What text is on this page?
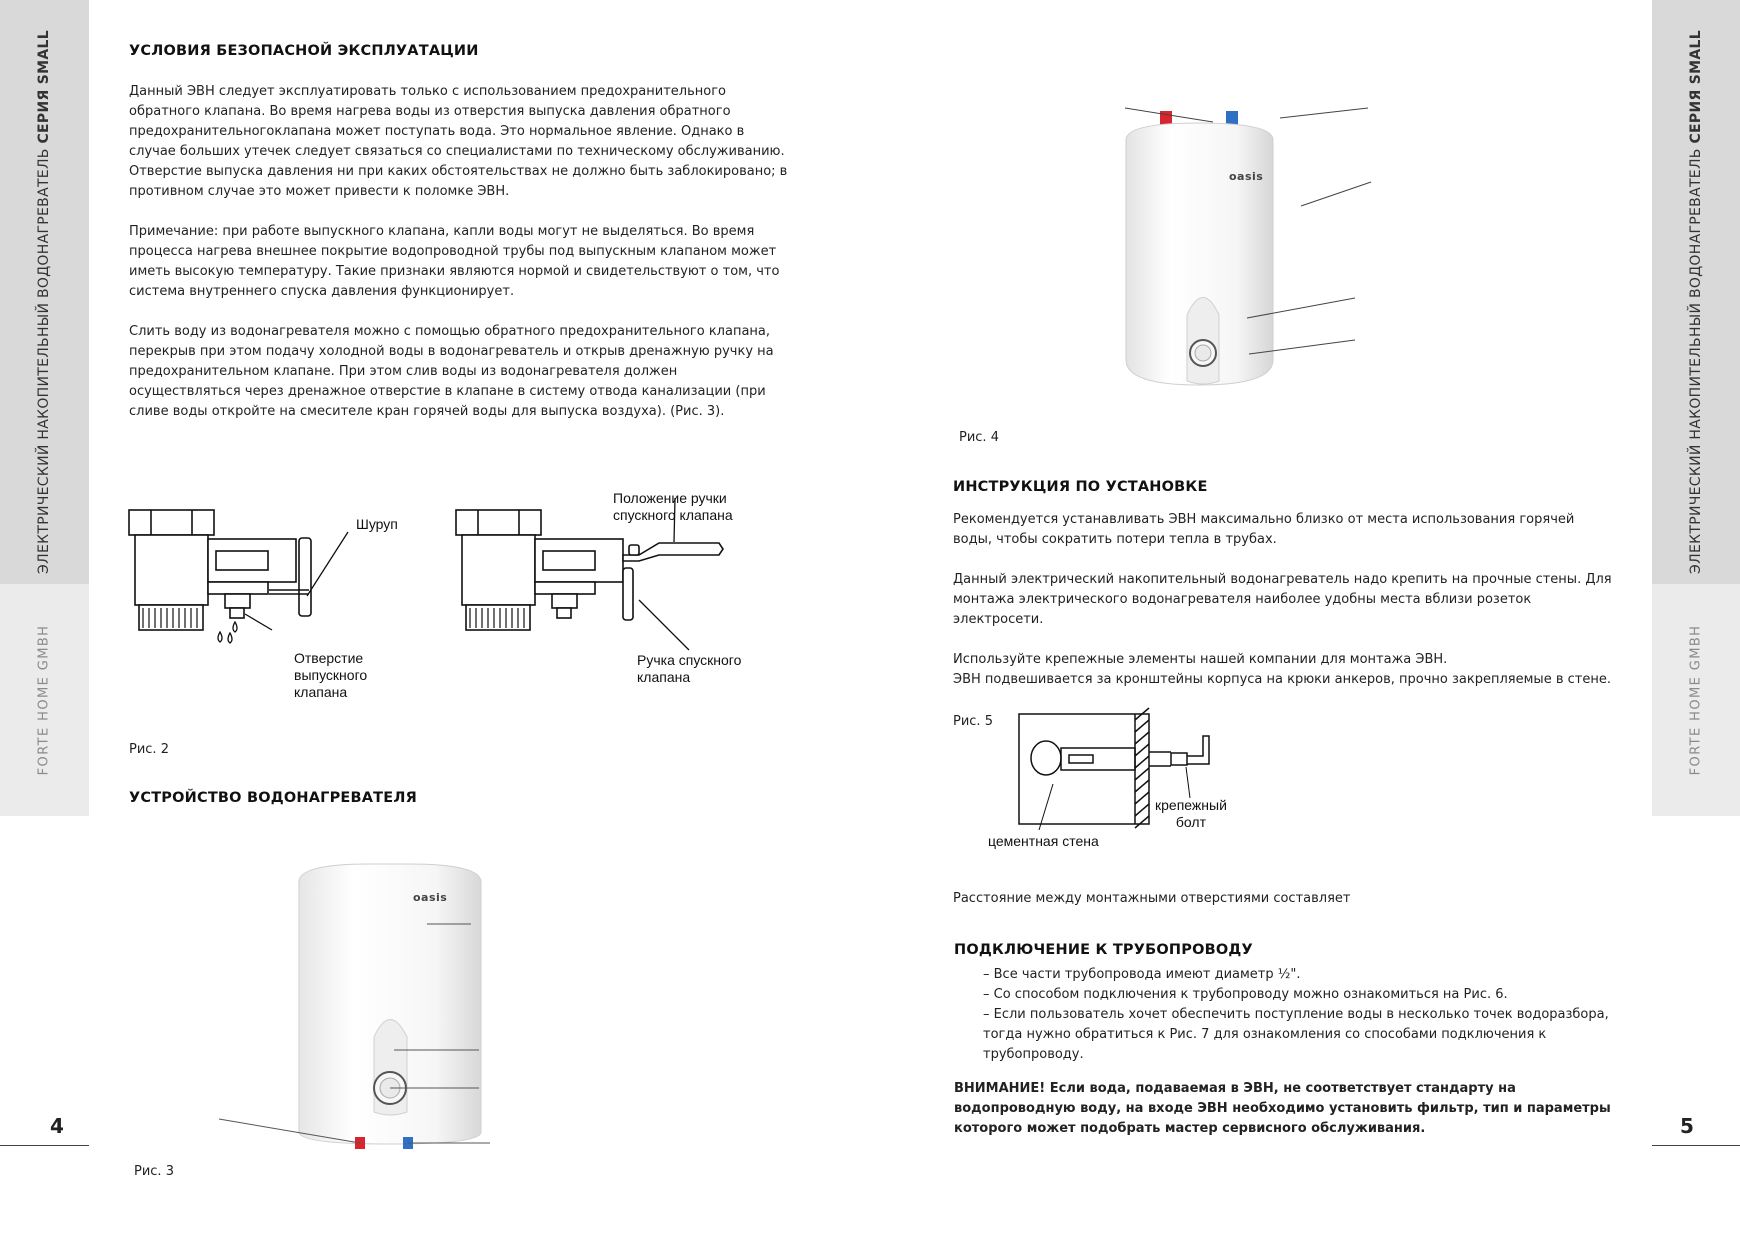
ЭЛЕКТРИЧЕСКИЙ НАКОПИТЕЛЬНЫЙ ВОДОНАГРЕВАТЕЛЬ СЕРИЯ SMALL
FORTE HOME GMBH
4
ЭЛЕКТРИЧЕСКИЙ НАКОПИТЕЛЬНЫЙ ВОДОНАГРЕВАТЕЛЬ СЕРИЯ SMALL
FORTE HOME GMBH
5
УСЛОВИЯ БЕЗОПАСНОЙ ЭКСПЛУАТАЦИИ
Данный ЭВН следует эксплуатировать только с использованием предохранительного обратного клапана. Во время нагрева воды из отверстия выпуска давления обратного предохранительногоклапана может поступать вода. Это нормальное явление. Однако в случае больших утечек следует связаться со специалистами по техническому обслуживанию. Отверстие выпуска давления ни при каких обстоятельствах не должно быть заблокировано; в противном случае это может привести к поломке ЭВН.
Примечание: при работе выпускного клапана, капли воды могут не выделяться. Во время процесса нагрева внешнее покрытие водопроводной трубы под выпускным клапаном может иметь высокую температуру. Такие признаки являются нормой и свидетельствуют о том, что система внутреннего спуска давления функционирует.
Слить воду из водонагревателя можно с помощью обратного предохранительного клапана, перекрыв при этом подачу холодной воды в водонагреватель и открыв дренажную ручку на предохранительном клапане. При этом слив воды из водонагревателя должен осуществляться через дренажное отверстие в клапане в систему отвода канализации (при сливе воды откройте на смесителе кран горячей воды для выпуска воздуха). (Рис. 3).
Шуруп
Отверстие
выпускного
клапана
Положение ручки
спускного клапана
Ручка спускного
клапана
Рис. 2
УСТРОЙСТВО ВОДОНАГРЕВАТЕЛЯ
oasis
Рис. 3
oasis
Рис. 4
ИНСТРУКЦИЯ ПО УСТАНОВКЕ
Рекомендуется устанавливать ЭВН максимально близко от места использования горячей воды, чтобы сократить потери тепла в трубах.
Данный электрический накопительный водонагреватель надо крепить на прочные стены. Для монтажа электрического водонагревателя наиболее удобны места вблизи розеток электросети.
Используйте крепежные элементы нашей компании для монтажа ЭВН.
ЭВН подвешивается за кронштейны корпуса на крюки анкеров, прочно закрепляемые в стене.
Рис. 5
крепежный
болт
цементная стена
Расстояние между монтажными отверстиями составляет
ПОДКЛЮЧЕНИЕ К ТРУБОПРОВОДУ
– Все части трубопровода имеют диаметр ½".
– Со способом подключения к трубопроводу можно ознакомиться на Рис. 6.
– Если пользователь хочет обеспечить поступление воды в несколько точек водоразбора, тогда нужно обратиться к Рис. 7 для ознакомления со способами подключения к трубопроводу.
ВНИМАНИЕ! Если вода, подаваемая в ЭВН, не соответствует стандарту на водопроводную воду, на входе ЭВН необходимо установить фильтр, тип и параметры которого может подобрать мастер сервисного обслуживания.
